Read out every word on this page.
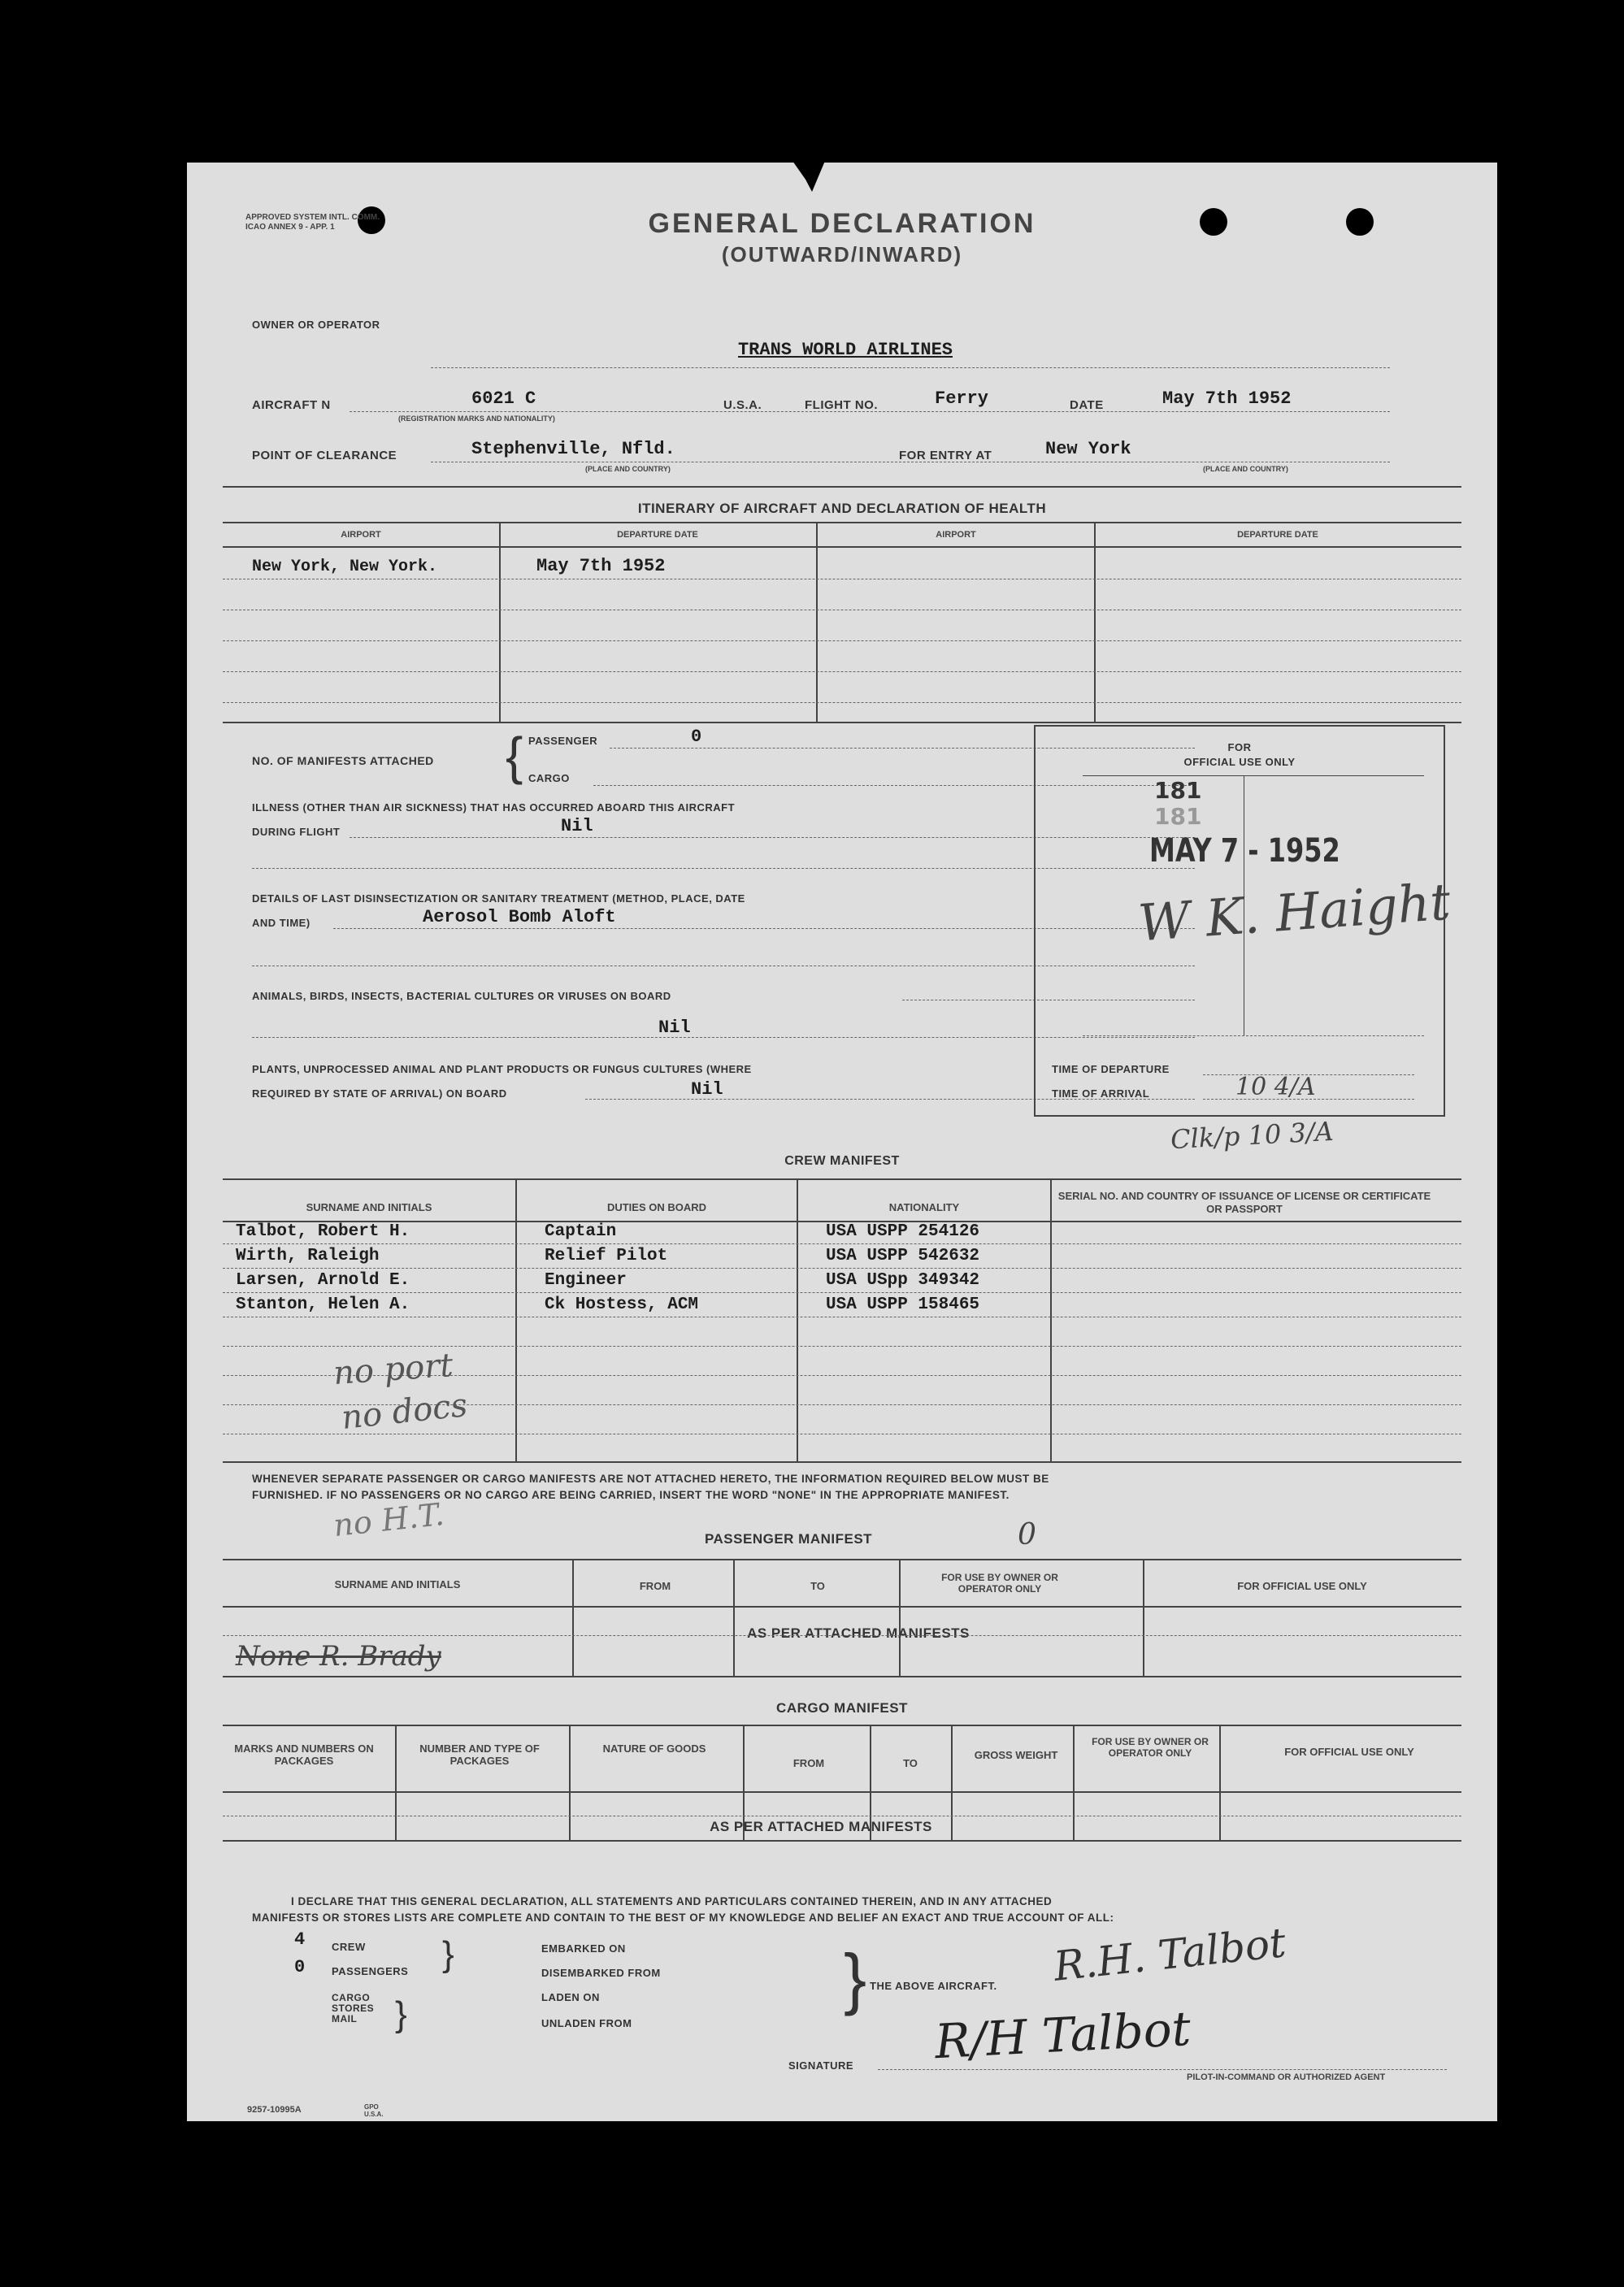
APPROVED SYSTEM INTL. COMM. ICAO ANNEX 9 - APP. 1	GENERAL DECLARATION
(OUTWARD/INWARD)
OWNER OR OPERATOR
TRANS WORLD AIRLINES
AIRCRAFT N	6021 C
(REGISTRATION MARKS AND NATIONALITY)
U.S.A.	FLIGHT NO.	Ferry	DATE	May 7th 1952
POINT OF CLEARANCE	Stephenville, Nfld.
(PLACE AND COUNTRY)
FOR ENTRY AT	New York
(PLACE AND COUNTRY)
ITINERARY OF AIRCRAFT AND DECLARATION OF HEALTH
AIRPORT	DEPARTURE DATE	AIRPORT	DEPARTURE DATE
New York, New York.	May 7th 1952
NO. OF MANIFESTS ATTACHED { PASSENGER	0
CARGO
ILLNESS (OTHER THAN AIR SICKNESS) THAT HAS OCCURRED ABOARD THIS AIRCRAFT
DURING FLIGHT	Nil
DETAILS OF LAST DISINSECTIZATION OR SANITARY TREATMENT (METHOD, PLACE, DATE
AND TIME)	Aerosol Bomb Aloft
ANIMALS, BIRDS, INSECTS, BACTERIAL CULTURES OR VIRUSES ON BOARD
Nil
PLANTS, UNPROCESSED ANIMAL AND PLANT PRODUCTS OR FUNGUS CULTURES (WHERE
REQUIRED BY STATE OF ARRIVAL) ON BOARD	Nil
FOR
OFFICIAL USE ONLY
181
181
MAY 7 - 1952
W K. Haight
TIME OF DEPARTURE
TIME OF ARRIVAL	10 4/A
Clk/p 10 3/A
CREW MANIFEST
SURNAME AND INITIALS	DUTIES ON BOARD	NATIONALITY
SERIAL NO. AND COUNTRY OF ISSUANCE OF LICENSE OR CERTIFICATE OR PASSPORT
Talbot, Robert H.	Captain	USA USPP 254126
Wirth, Raleigh	Relief Pilot	USA USPP 542632
Larsen, Arnold E.	Engineer	USA USpp 349342
Stanton, Helen A.	Ck Hostess, ACM	USA USPP 158465
no port
no docs
WHENEVER SEPARATE PASSENGER OR CARGO MANIFESTS ARE NOT ATTACHED HERETO, THE INFORMATION REQUIRED BELOW MUST BE
FURNISHED. IF NO PASSENGERS OR NO CARGO ARE BEING CARRIED, INSERT THE WORD "NONE" IN THE APPROPRIATE MANIFEST.
no H.T.	PASSENGER MANIFEST	0
SURNAME AND INITIALS	FROM	TO
FOR USE BY OWNER OR OPERATOR ONLY	FOR OFFICIAL USE ONLY
AS PER ATTACHED MANIFESTS
None R. Brady
CARGO MANIFEST
MARKS AND NUMBERS ON PACKAGES
NUMBER AND TYPE OF PACKAGES
NATURE OF GOODS
FROM	TO
GROSS WEIGHT
FOR USE BY OWNER OR OPERATOR ONLY	FOR OFFICIAL USE ONLY
AS PER ATTACHED MANIFESTS
I DECLARE THAT THIS GENERAL DECLARATION, ALL STATEMENTS AND PARTICULARS CONTAINED THEREIN, AND IN ANY ATTACHED
MANIFESTS OR STORES LISTS ARE COMPLETE AND CONTAIN TO THE BEST OF MY KNOWLEDGE AND BELIEF AN EXACT AND TRUE ACCOUNT OF ALL:
4	CREW
0	PASSENGERS }
CARGO STORES MAIL	}
EMBARKED ON
DISEMBARKED FROM
LADEN ON
UNLADEN FROM
} THE ABOVE AIRCRAFT. R.H. Talbot
SIGNATURE R/H Talbot
PILOT-IN-COMMAND OR AUTHORIZED AGENT
9257-10995A	GPO U.S.A.
